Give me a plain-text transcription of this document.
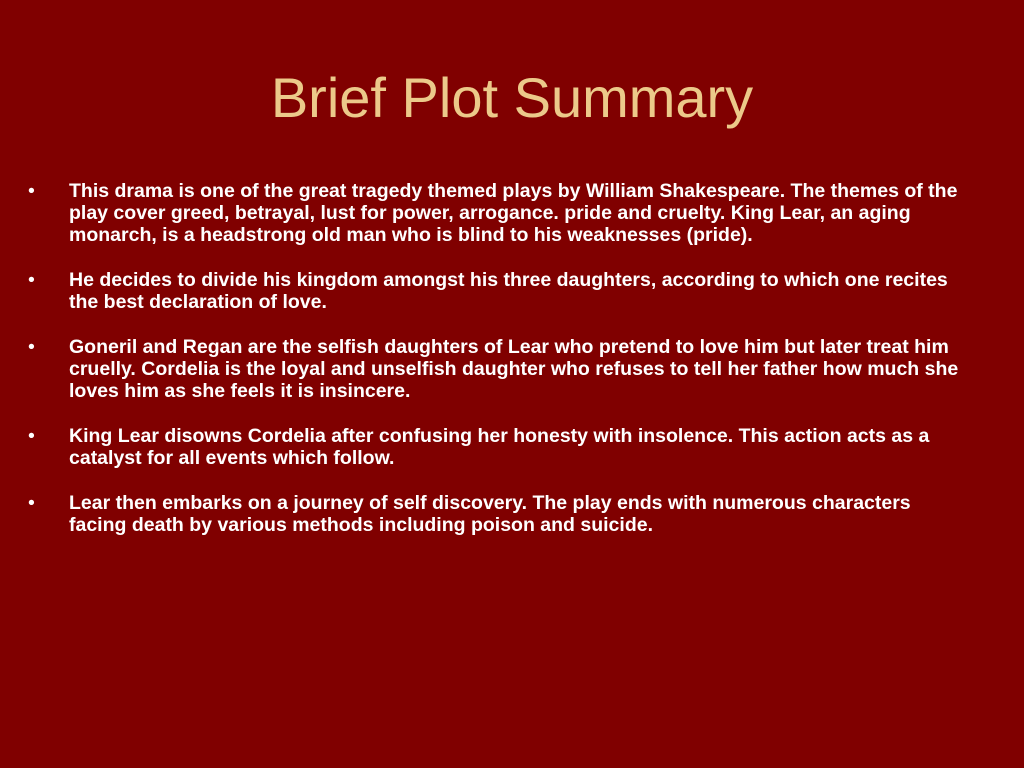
Brief Plot Summary
•	This drama is one of the great tragedy themed plays by William Shakespeare. The themes of the play cover greed, betrayal, lust for power, arrogance. pride and cruelty. King Lear, an aging monarch, is a headstrong old man who is blind to his weaknesses (pride).
•	He decides to divide his kingdom amongst his three daughters, according to which one recites the best declaration of love.
•	Goneril and Regan are the selfish daughters of Lear who pretend to love him but later treat him cruelly. Cordelia is the loyal and unselfish daughter who refuses to tell her father how much she loves him as she feels it is insincere.
•	King Lear disowns Cordelia after confusing her honesty with insolence. This action acts as a catalyst for all events which follow.
•	Lear then embarks on a journey of self discovery. The play ends with numerous characters facing death by various methods including poison and suicide.
